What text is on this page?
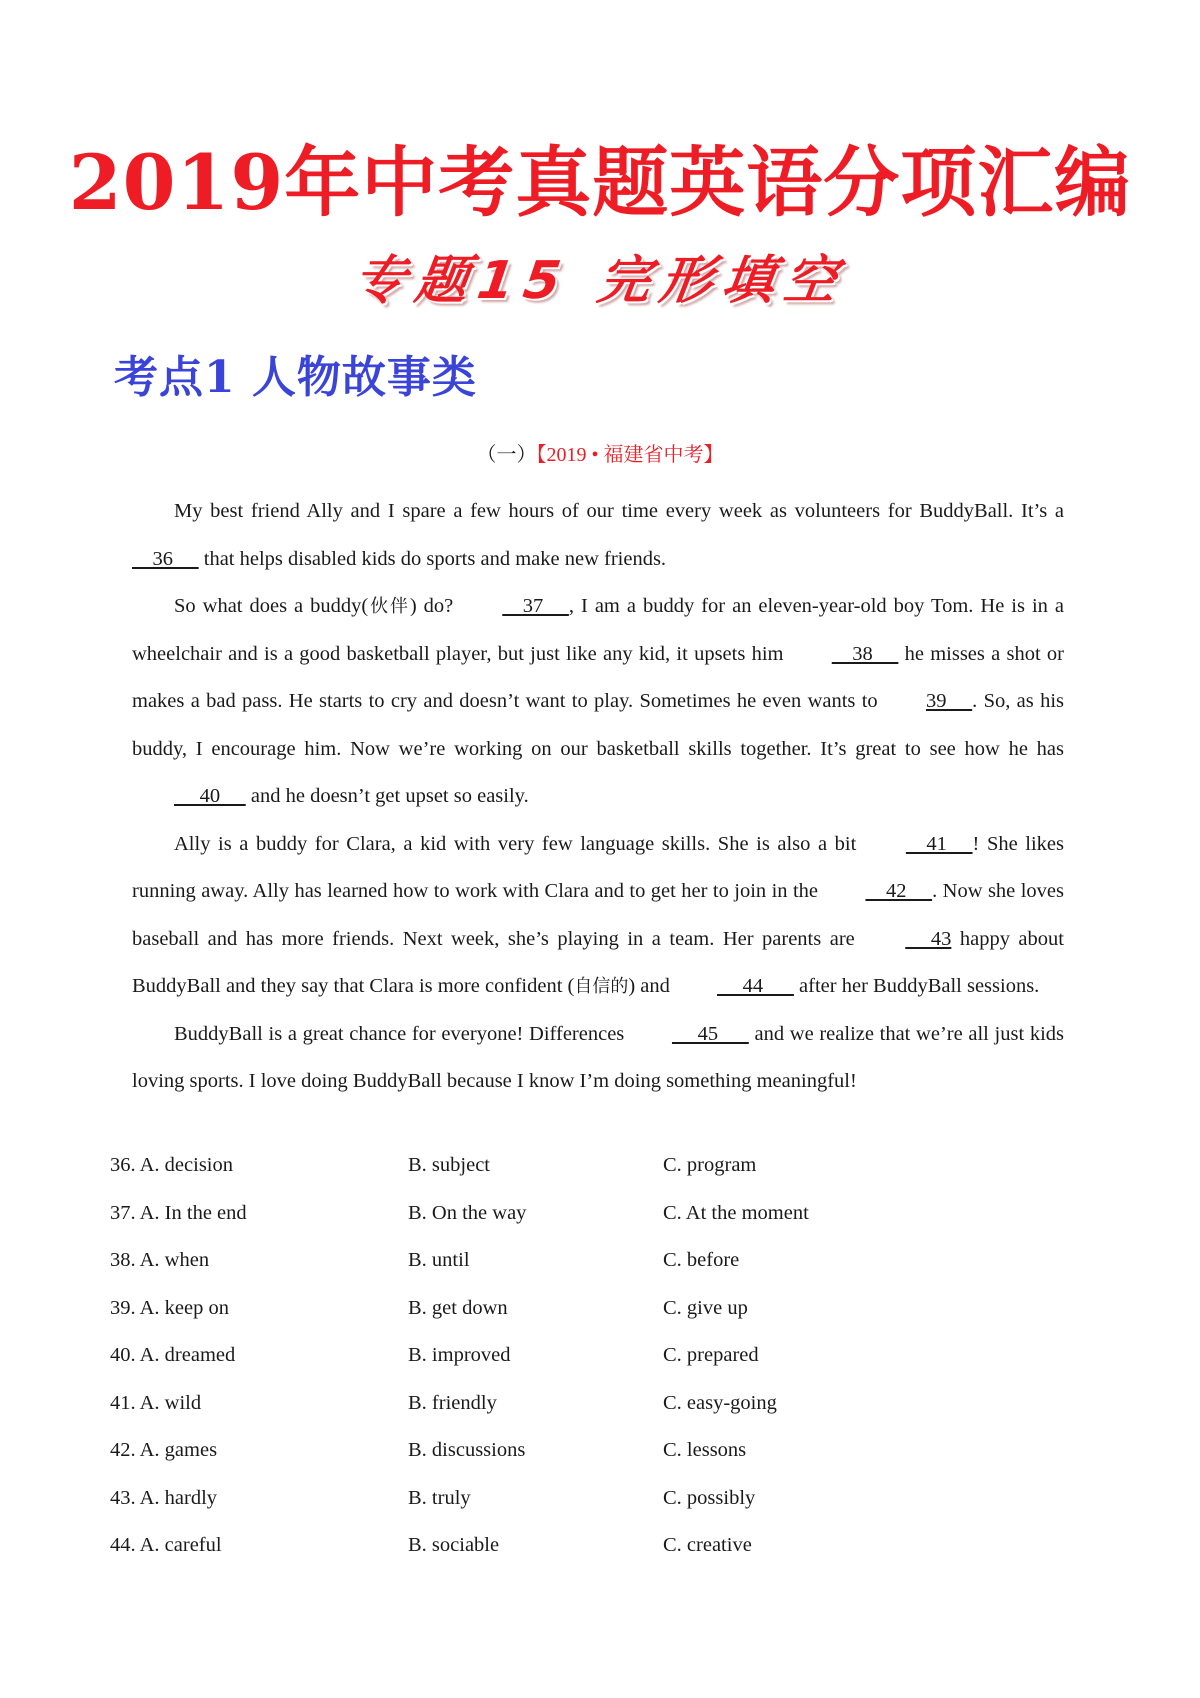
2019年中考真题英语分项汇编
专题15 完形填空
考点1 人物故事类
（一）【2019 • 福建省中考】

My best friend Ally and I spare a few hours of our time every week as volunteers for BuddyBall. It’s a     36      that helps disabled kids do sports and make new friends.

So what does a buddy(伙伴) do?     37     , I am a buddy for an eleven-year-old boy Tom. He is in a wheelchair and is a good basketball player, but just like any kid, it upsets him     38      he misses a shot or makes a bad pass. He starts to cry and doesn’t want to play. Sometimes he even wants to 39     . So, as his buddy, I encourage him. Now we’re working on our basketball skills together. It’s great to see how he has      40      and he doesn’t get upset so easily.

Ally is a buddy for Clara, a kid with very few language skills. She is also a bit     41     ! She likes running away. Ally has learned how to work with Clara and to get her to join in the     42     . Now she loves baseball and has more friends. Next week, she’s playing in a team. Her parents are      43 happy about BuddyBall and they say that Clara is more confident (自信的) and      44       after her BuddyBall sessions.

BuddyBall is a great chance for everyone! Differences      45       and we realize that we’re all just kids loving sports. I love doing BuddyBall because I know I’m doing something meaningful!

36. A. decision	B. subject	C. program
37. A. In the end	B. On the way	C. At the moment
38. A. when	B. until	C. before
39. A. keep on	B. get down	C. give up
40. A. dreamed	B. improved	C. prepared
41. A. wild	B. friendly	C. easy-going
42. A. games	B. discussions	C. lessons
43. A. hardly	B. truly	C. possibly
44. A. careful	B. sociable	C. creative
